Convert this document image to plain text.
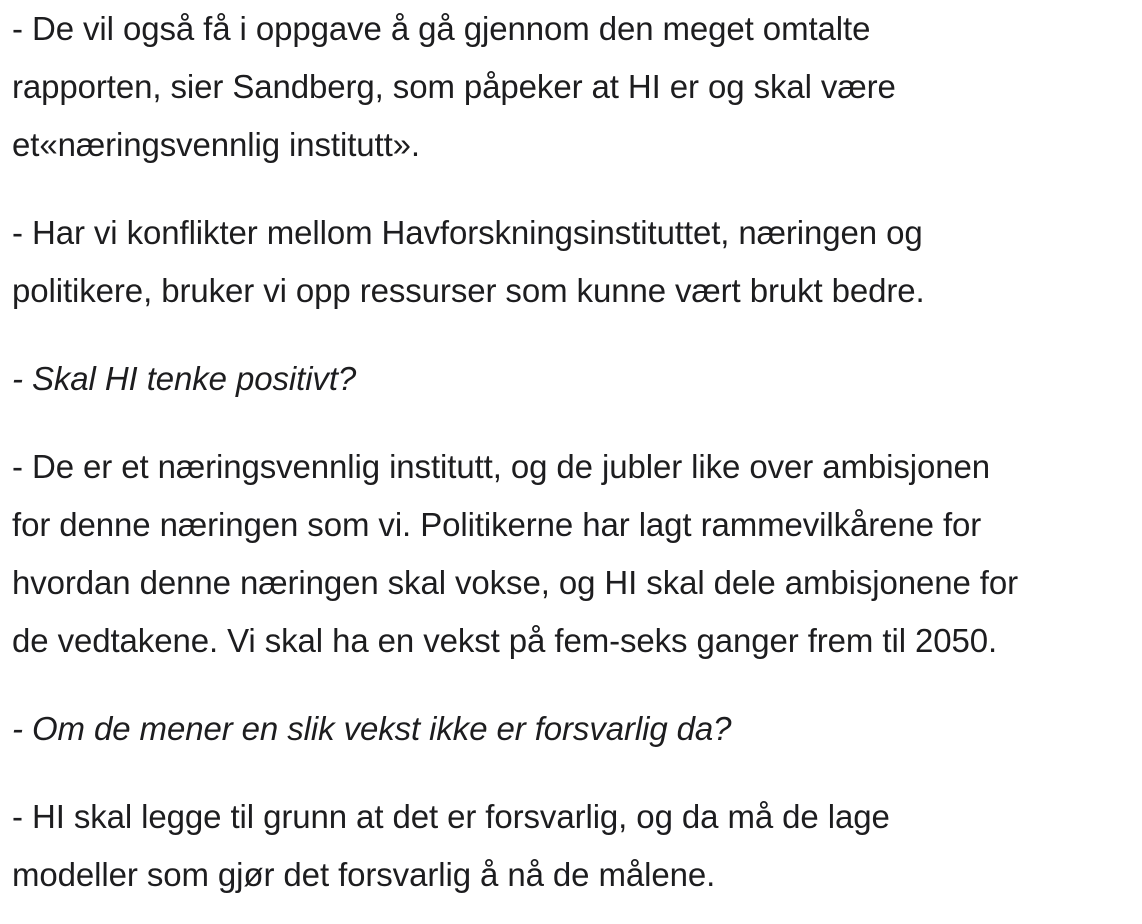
- De vil også få i oppgave å gå gjennom den meget omtalte
rapporten, sier Sandberg, som påpeker at HI er og skal være
et«næringsvennlig institutt».

- Har vi konflikter mellom Havforskningsinstituttet, næringen og
politikere, bruker vi opp ressurser som kunne vært brukt bedre.

- Skal HI tenke positivt?

- De er et næringsvennlig institutt, og de jubler like over ambisjonen
for denne næringen som vi. Politikerne har lagt rammevilkårene for
hvordan denne næringen skal vokse, og HI skal dele ambisjonene for
de vedtakene. Vi skal ha en vekst på fem-seks ganger frem til 2050.

- Om de mener en slik vekst ikke er forsvarlig da?

- HI skal legge til grunn at det er forsvarlig, og da må de lage
modeller som gjør det forsvarlig å nå de målene.
